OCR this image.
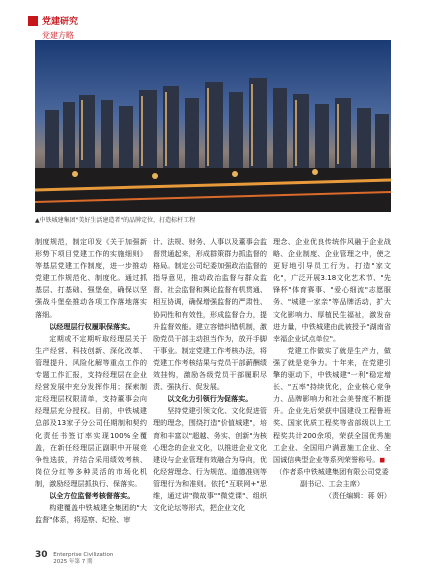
党建研究
党建方略
▲中铁城建集团"美好生活建造者"的品牌定位，打造标杆工程

制度规范，制定印发《关于加强新形势下项目党建工作的实施细则》等基层党建工作制度，进一步推动党建工作规范化、制度化。通过抓基层、打基础、强堡垒，确保以坚强战斗堡垒推动各项工作落地落实落细。

以经理层行权履职保落实。

定期或不定期听取经理层关于生产经营、科技创新、深化改革、管理提升、风险化解等重点工作的专题工作汇报，支持经理层在企业经营发展中充分发挥作用；探索制定经理层权限清单，支持董事会向经理层充分授权。目前，中铁城建总部及13家子分公司任期制和契约化责任书签订率实现100%全覆盖，在新任经理层正副职中开展竞争性选拔，并结合采用绩效考核、岗位分红等多种灵活的市场化机制，激励经理层抓执行、保落实。

以全方位监督考核督落实。

构建覆盖中铁城建全集团的"大监督"体系，将巡察、纪检、审

计、法规、财务、人事以及董事会监督贯通起来，形成群策群力抓监督的格局。制定公司纪委加强政治监督的指导意见，推动政治监督与群众监督、社会监督和舆论监督有机贯通、相互协调，确保增强监督的严肃性、协同性和有效性，形成监督合力，提升监督效能。建立容错纠错机制，激励党员干部主动担当作为，放开手脚干事业。制定党建工作考核办法，将党建工作考核结果与党员干部薪酬绩效挂钩，激励各级党员干部履职尽责、强执行、促发展。

以文化力引领行为促落实。

坚持党建引领文化、文化促进管理的理念，围绕打造"价值城建"，培育和丰富以"超越、务实、创新"为核心理念的企业文化，以推进企业文化建设与企业管理有效融合为导向，优化经营理念、行为规范、道德准则等管理行为和准则。依托"互联网+"思维，通过讲"微故事""微党课"、组织文化论坛等形式，把企业文化

理念、企业优良传统作风融于企业战略、企业制度、企业管理之中，使之更好地引导员工行为。打造"家文化"，广泛开展3.18文化艺术节、"先锋杯"体育赛事、"爱心细流"志愿服务、"城建一家亲"等品牌活动，扩大文化影响力、厚植民生福祉，激发奋进力量，中铁城建由此被授予"湖南省幸福企业试点单位"。

党建工作做实了就是生产力，做强了就是竞争力。十年来，在党建引擎的驱动下，中铁城建"一利"稳定增长、"五率"持续优化，企业核心竞争力、品牌影响力和社会美誉度不断提升。企业先后荣获中国建设工程鲁班奖、国家优质工程奖等省部级以上工程奖共计200余项，荣获全国优秀施工企业、全国用户满意施工企业、全国诚信典型企业等系列荣誉称号。◼

（作者系中铁城建集团有限公司党委副书记、工会主席）

（责任编辑：蒋 妍）

30 Enterprise Civilization
2025 年第 7 期
